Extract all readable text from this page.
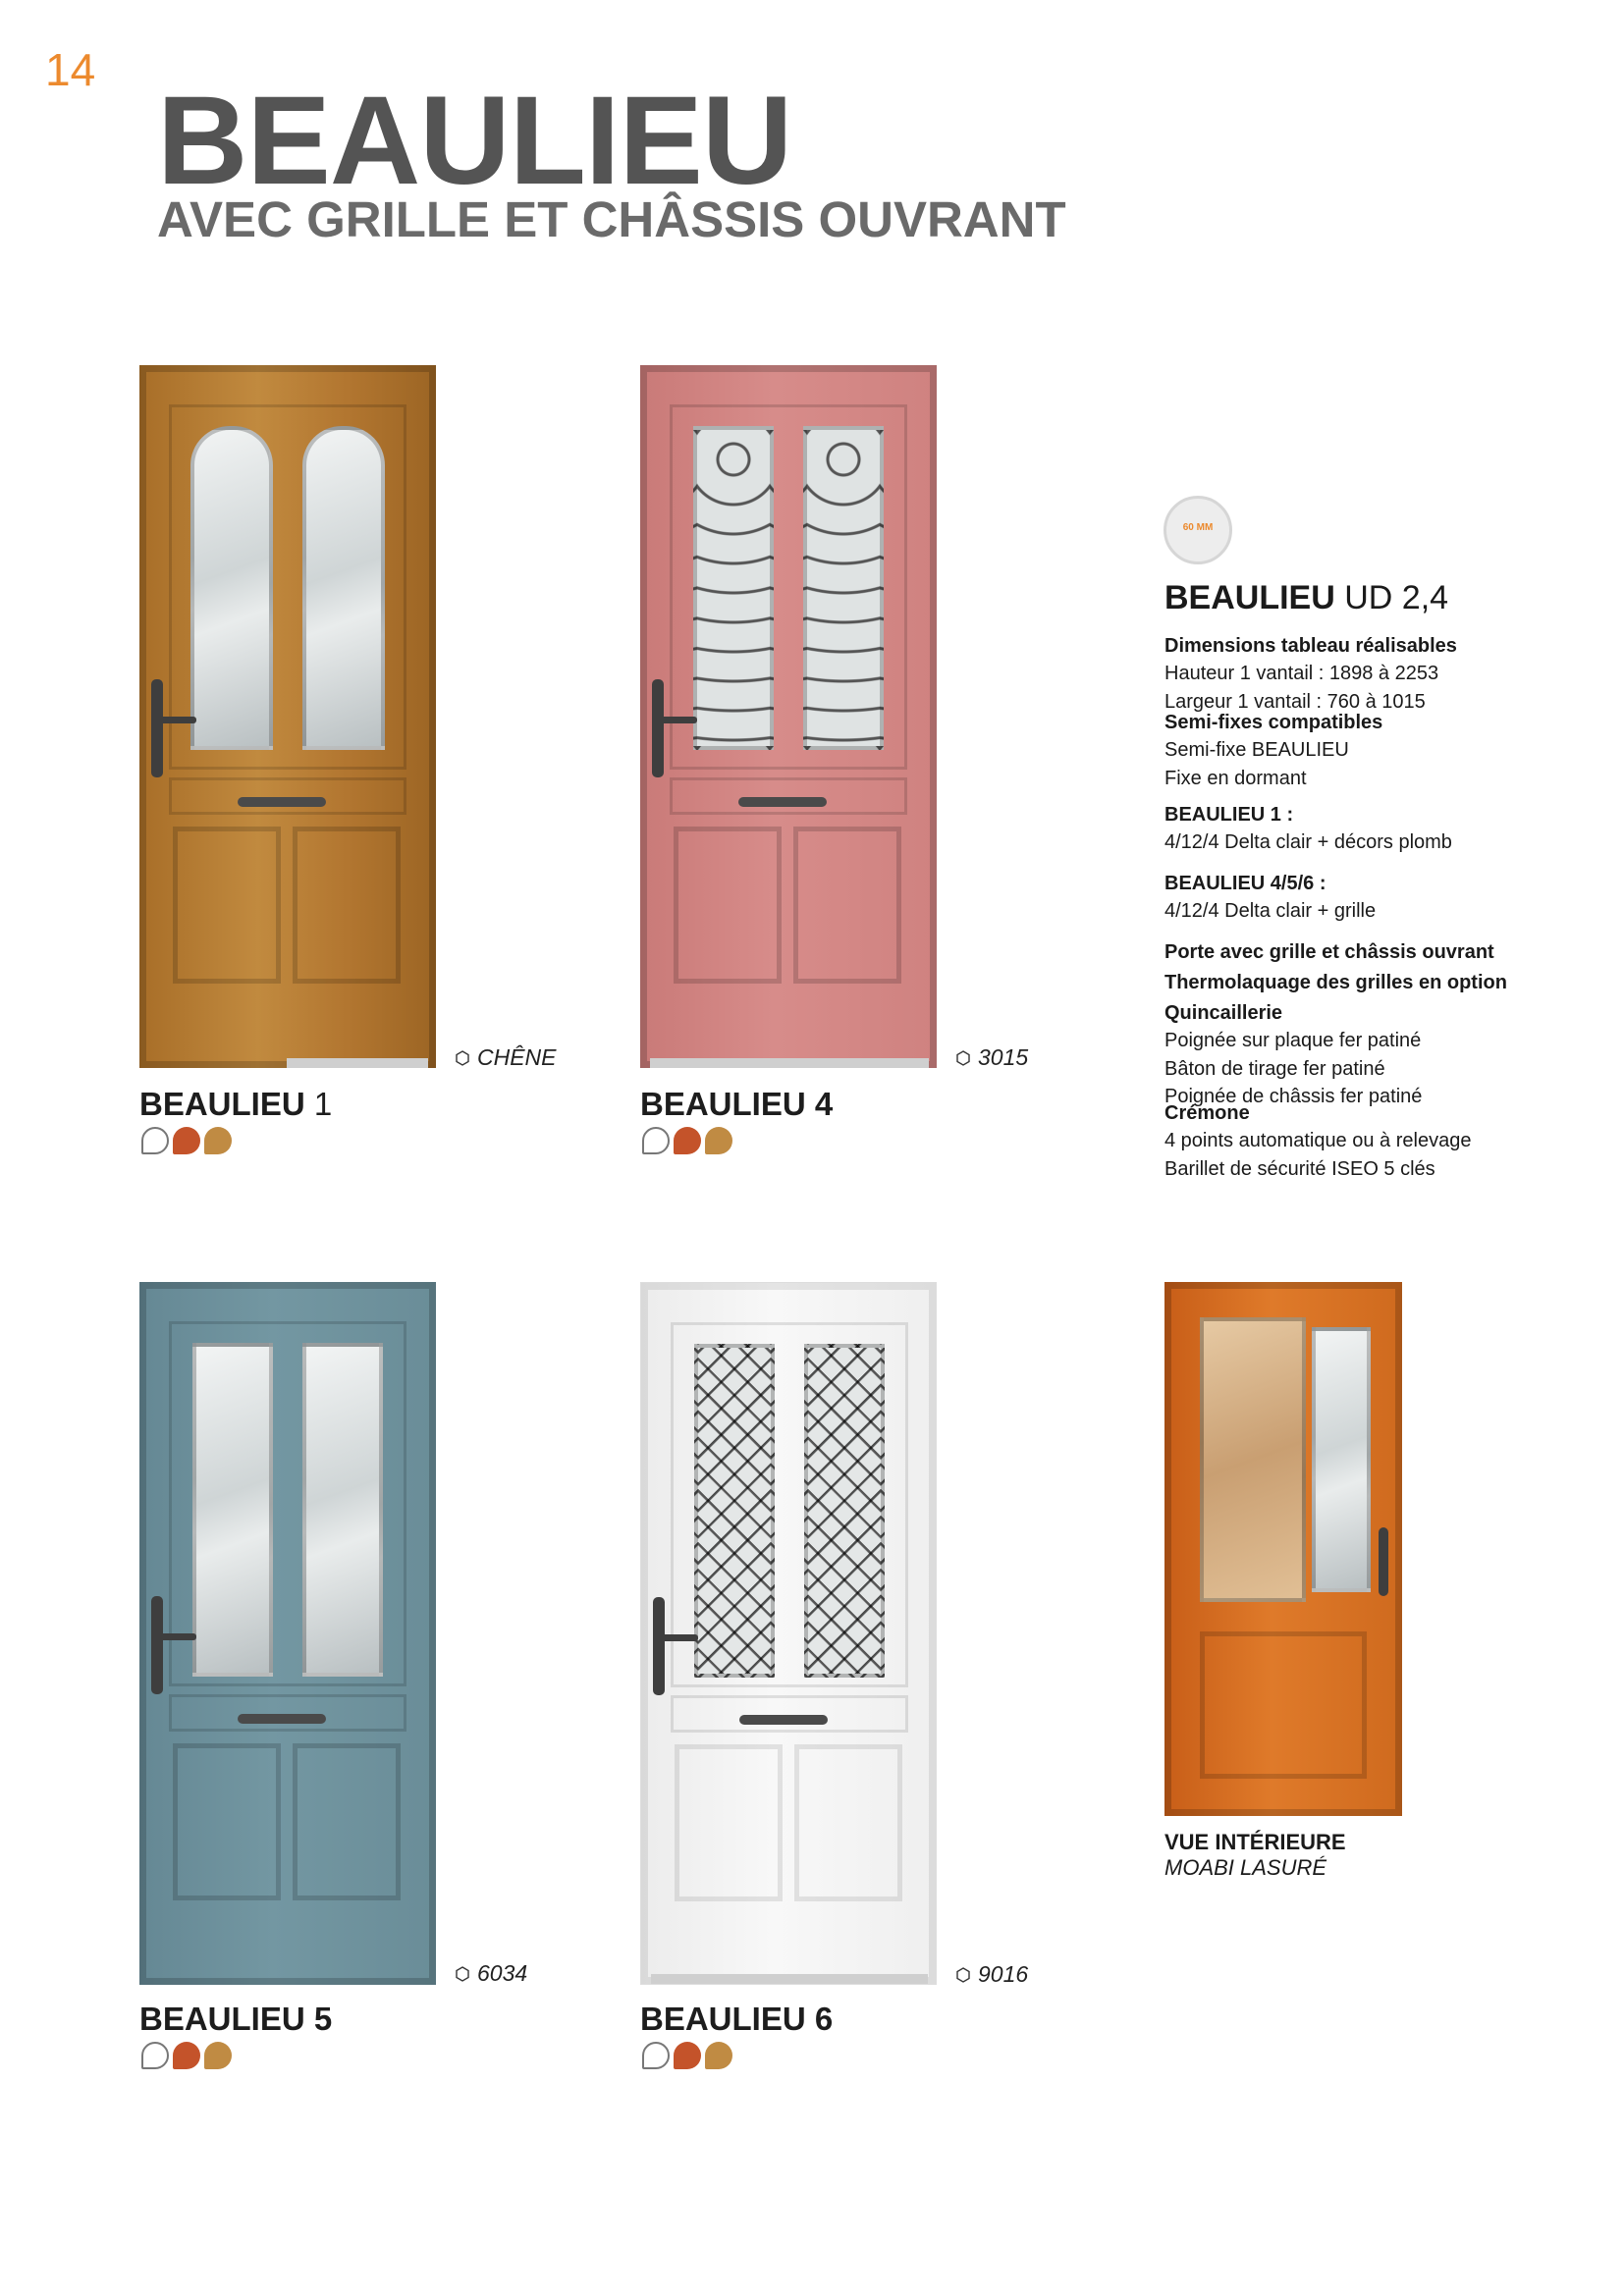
14
BEAULIEU
AVEC GRILLE ET CHÂSSIS OUVRANT
CHÊNE
BEAULIEU 1
3015
BEAULIEU 4
60 MM
BEAULIEU UD 2,4

Dimensions tableau réalisables

Hauteur 1 vantail : 1898 à 2253

Largeur 1 vantail : 760 à 1015

Semi-fixes compatibles

Semi-fixe BEAULIEU

Fixe en dormant

BEAULIEU 1 :

4/12/4 Delta clair + décors plomb

BEAULIEU 4/5/6 :

4/12/4 Delta clair + grille

Porte avec grille et châssis ouvrant

Thermolaquage des grilles en option

Quincaillerie

Poignée sur plaque fer patiné

Bâton de tirage fer patiné

Poignée de châssis fer patiné

Crémone

4 points automatique ou à relevage

Barillet de sécurité ISEO 5 clés

6034
BEAULIEU 5
9016
BEAULIEU 6
VUE INTÉRIEURE
MOABI LASURÉ
